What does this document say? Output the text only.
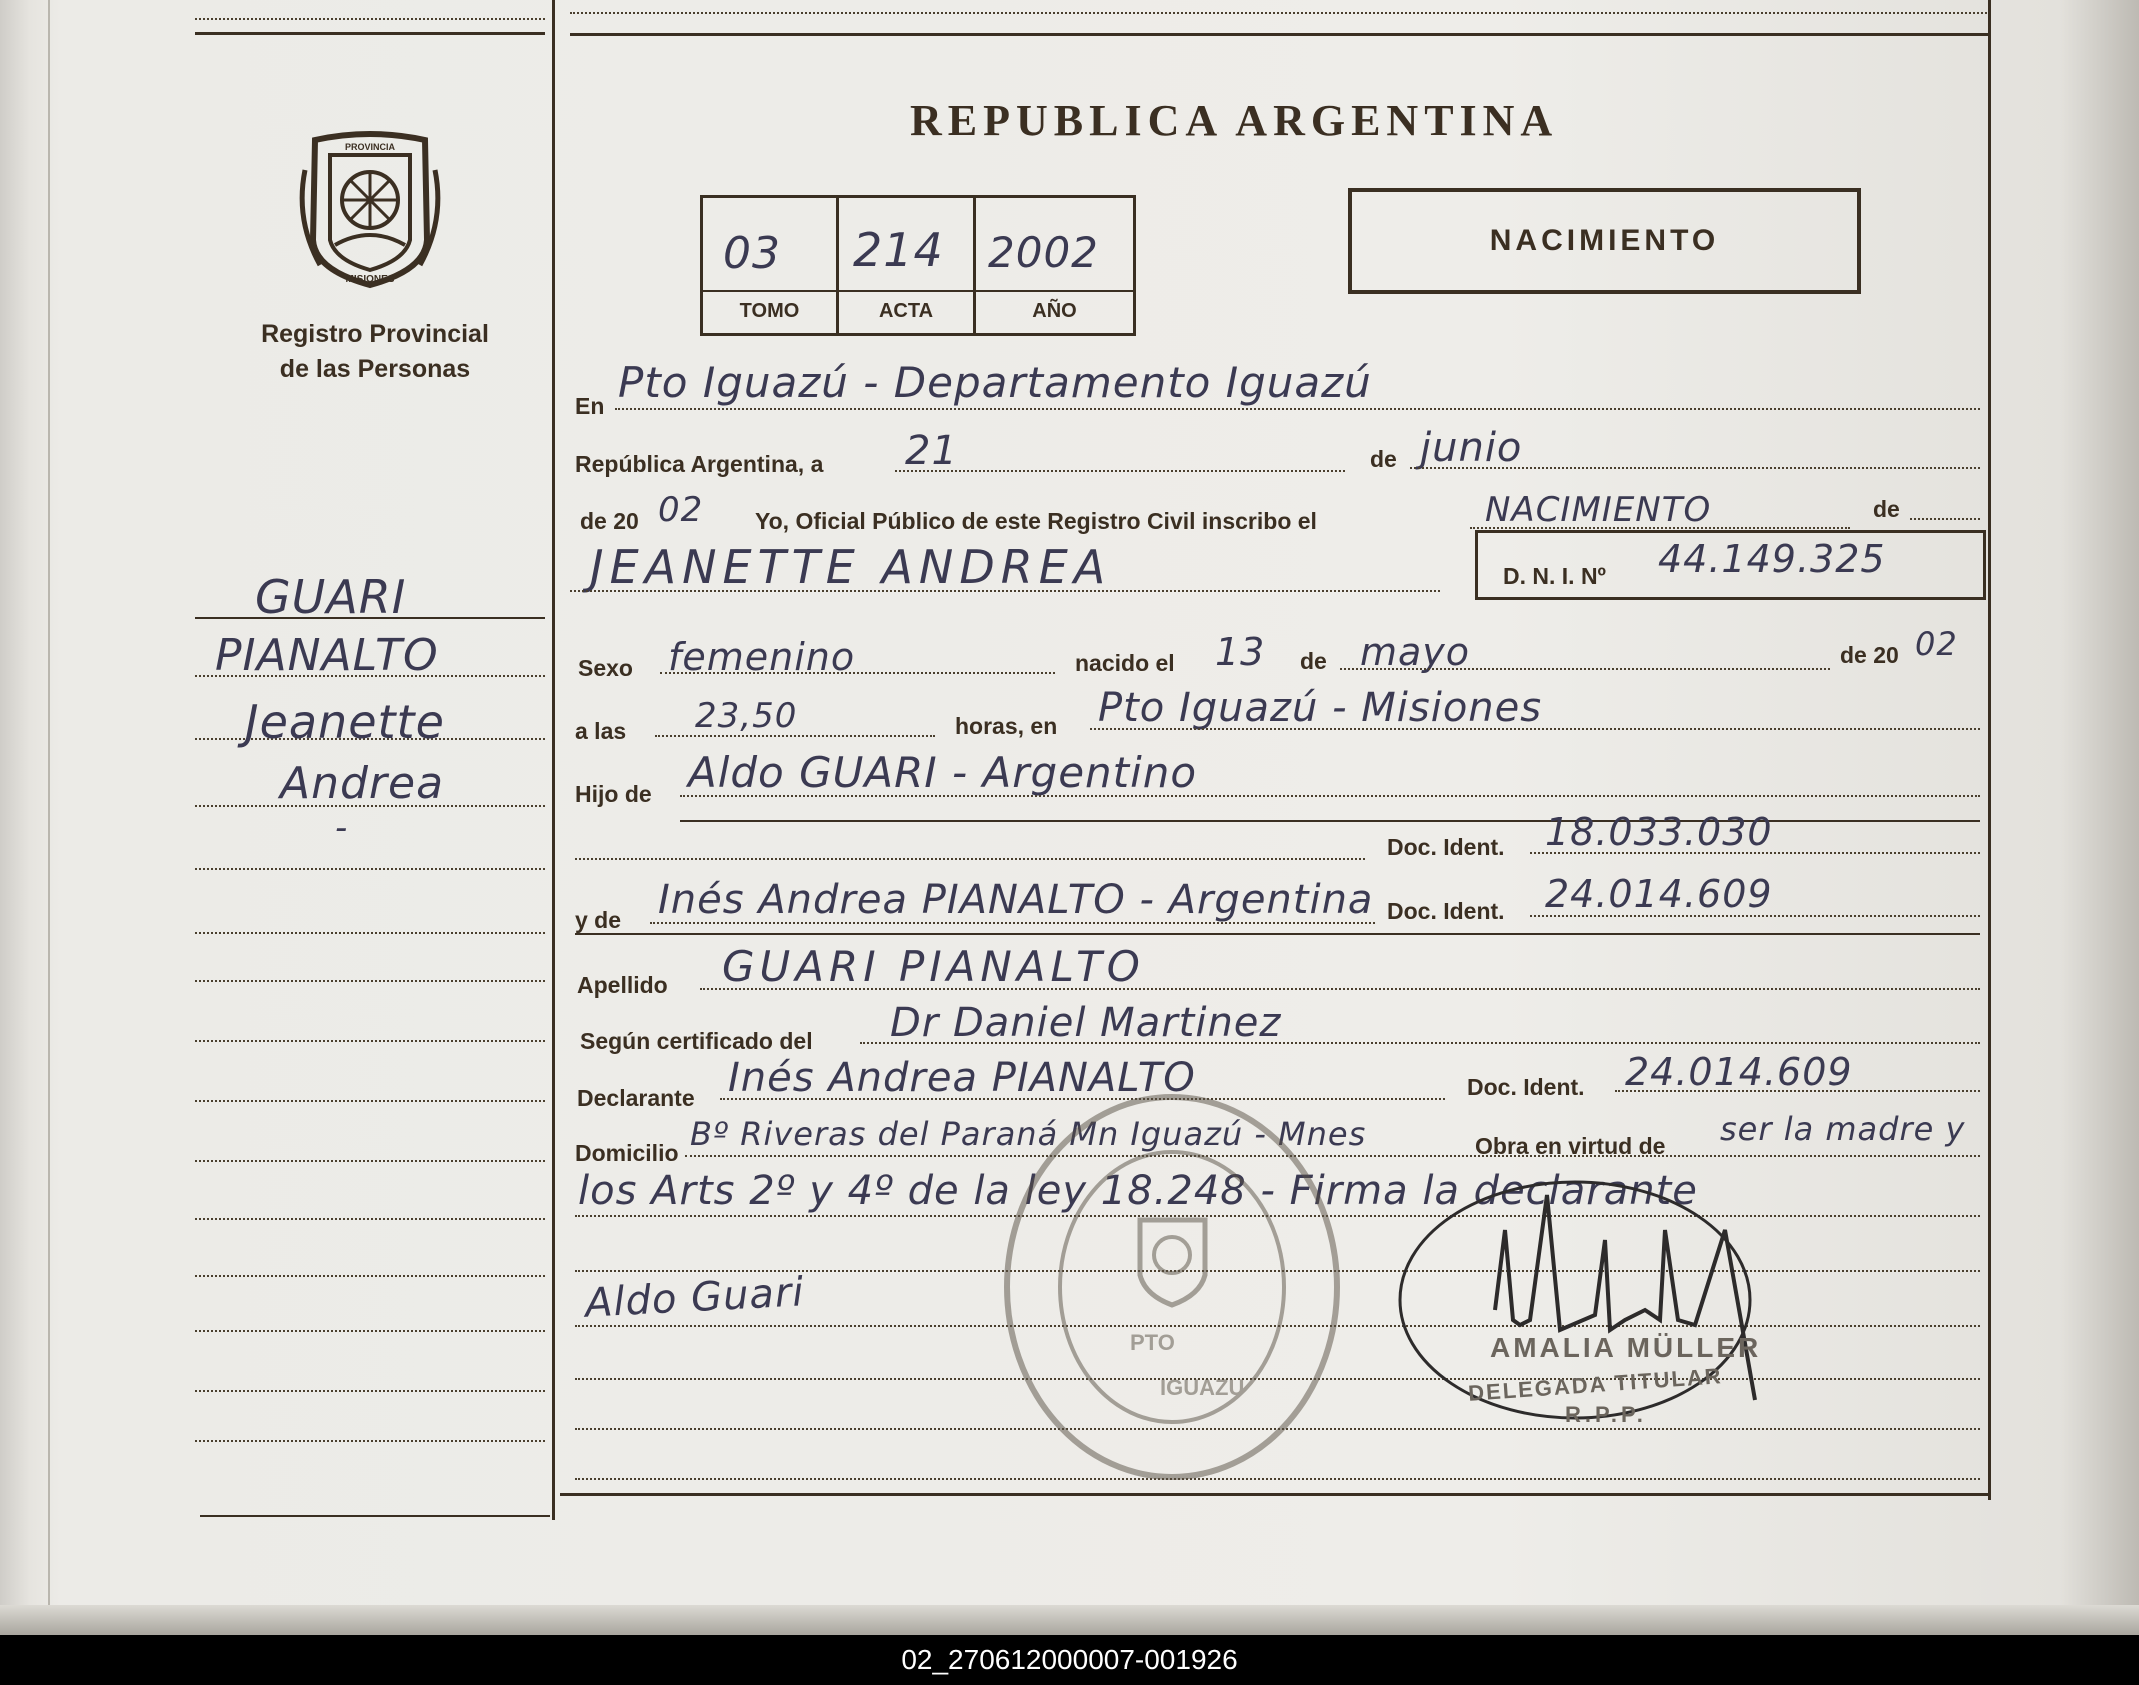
PROVINCIA
MISIONES
Registro Provincial
de las Personas
GUARI
PIANALTO
Jeanette
Andrea
-
Aldo Guari
REPUBLICA ARGENTINA
03 214 2002
TOMO	ACTA	AÑO
NACIMIENTO
En Pto Iguazú - Departamento Iguazú
República Argentina, a 21	de junio
de 20 02 Yo, Oficial Público de este Registro Civil inscribo el	NACIMIENTO	de
JEANETTE ANDREA	D. N. I. Nº 44.149.325
Sexo femenino	nacido el 13 de mayo	de 20 02
a las 23,50	horas, en Pto Iguazú - Misiones
Hijo de Aldo GUARI - Argentino
Doc. Ident. 18.033.030
y de Inés Andrea PIANALTO - Argentina Doc. Ident. 24.014.609
Apellido GUARI PIANALTO
Según certificado del Dr Daniel Martinez
Declarante Inés Andrea PIANALTO	Doc. Ident. 24.014.609
Domicilio Bº Riveras del Paraná Mn Iguazú - Mnes	Obra en virtud de ser la madre y
los Arts 2º y 4º de la ley 18.248 - Firma la declarante
PTO
IGUAZU
AMALIA MÜLLER
DELEGADA TITULAR
R.P.P.
02_270612000007-001926
